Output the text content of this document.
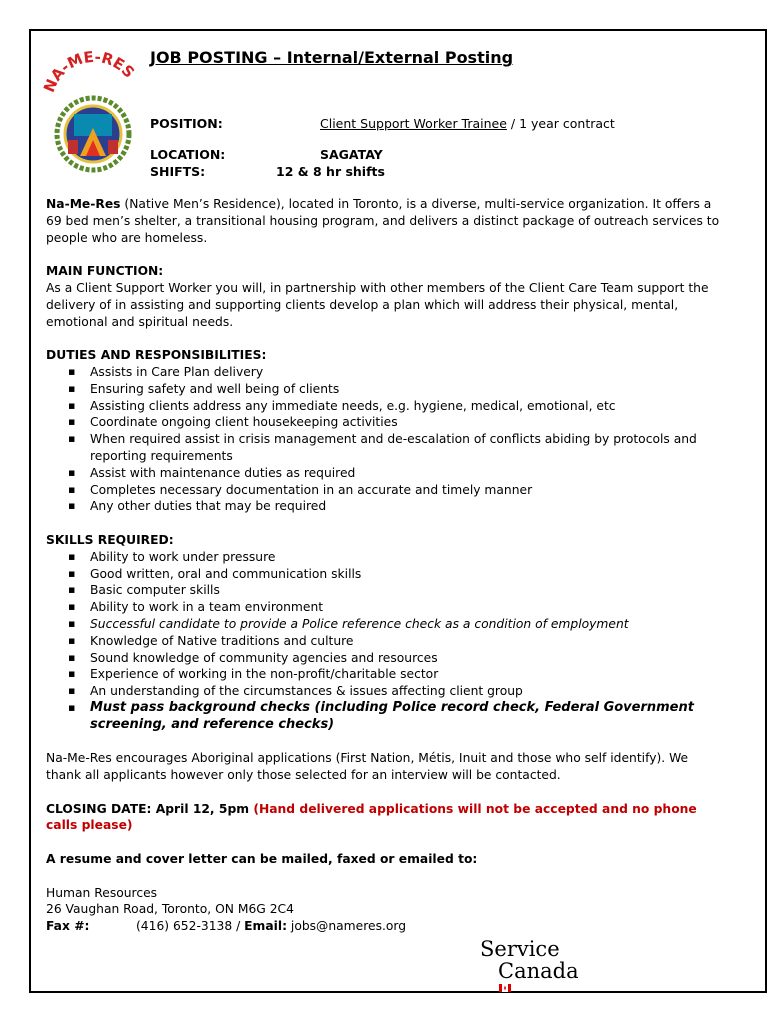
NA-ME-RES
JOB POSTING – Internal/External Posting
POSITION:	Client Support Worker Trainee / 1 year contract
LOCATION:	SAGATAY
SHIFTS:	12 & 8 hr shifts

Na-Me-Res (Native Men’s Residence), located in Toronto, is a diverse, multi-service organization. It offers a 69 bed men’s shelter, a transitional housing program, and delivers a distinct package of outreach services to people who are homeless.

MAIN FUNCTION:

As a Client Support Worker you will, in partnership with other members of the Client Care Team support the delivery of in assisting and supporting clients develop a plan which will address their physical, mental, emotional and spiritual needs.

DUTIES AND RESPONSIBILITIES:

▪ Assists in Care Plan delivery
▪ Ensuring safety and well being of clients
▪ Assisting clients address any immediate needs, e.g. hygiene, medical, emotional, etc
▪ Coordinate ongoing client housekeeping activities
▪ When required assist in crisis management and de-escalation of conflicts abiding by protocols and reporting requirements
▪ Assist with maintenance duties as required
▪ Completes necessary documentation in an accurate and timely manner
▪ Any other duties that may be required

SKILLS REQUIRED:

▪ Ability to work under pressure
▪ Good written, oral and communication skills
▪ Basic computer skills
▪ Ability to work in a team environment
▪ Successful candidate to provide a Police reference check as a condition of employment
▪ Knowledge of Native traditions and culture
▪ Sound knowledge of community agencies and resources
▪ Experience of working in the non-profit/charitable sector
▪ An understanding of the circumstances & issues affecting client group
▪ Must pass background checks (including Police record check, Federal Government screening, and reference checks)

Na-Me-Res encourages Aboriginal applications (First Nation, Métis, Inuit and those who self identify). We thank all applicants however only those selected for an interview will be contacted.

CLOSING DATE: April 12, 5pm (Hand delivered applications will not be accepted and no phone calls please)

A resume and cover letter can be mailed, faxed or emailed to:

Human Resources

26 Vaughan Road, Toronto, ON M6G 2C4

Fax #:	(416) 652-3138 / Email: jobs@nameres.org

Service
Canada
